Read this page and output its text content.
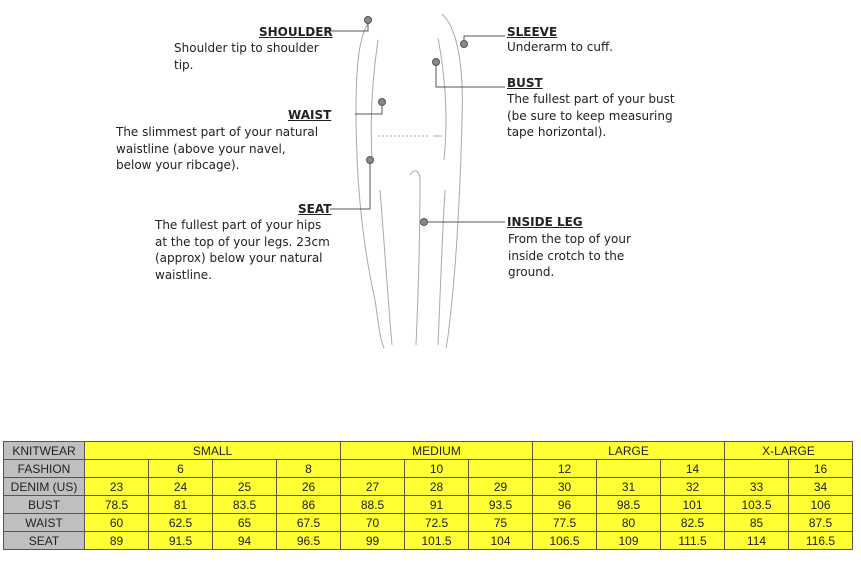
SHOULDER
Shoulder tip to shoulder
tip.
WAIST
The slimmest part of your natural
waistline (above your navel,
below your ribcage).
SEAT
The fullest part of your hips
at the top of your legs. 23cm
(approx) below your natural
waistline.
SLEEVE
Underarm to cuff.
BUST
The fullest part of your bust
(be sure to keep measuring
tape horizontal).
INSIDE LEG
From the top of your
inside crotch to the
ground.
KNITWEAR	SMALL				MEDIUM			LARGE			X-LARGE	
FASHION		6		8		10		12		14		16
DENIM (US)	23	24	25	26	27	28	29	30	31	32	33	34
BUST	78.5	81	83.5	86	88.5	91	93.5	96	98.5	101	103.5	106
WAIST	60	62.5	65	67.5	70	72.5	75	77.5	80	82.5	85	87.5
SEAT	89	91.5	94	96.5	99	101.5	104	106.5	109	111.5	114	116.5
